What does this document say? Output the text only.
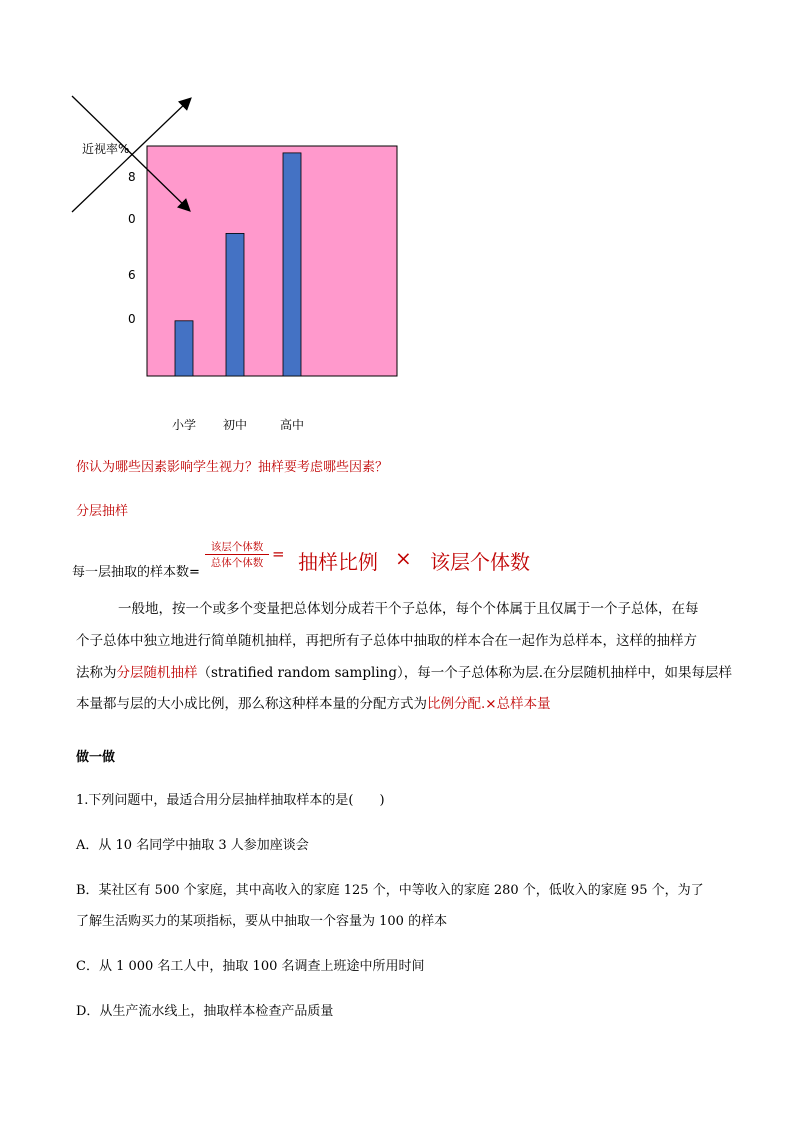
近视率%
8
0
6
0
小学 初中	高中
你认为哪些因素影响学生视力？抽样要考虑哪些因素？
分层抽样
每一层抽取的样本数=
该层个体数
总体个体数 = 抽样比例 × 该层个体数
一般地，按一个或多个变量把总体划分成若干个子总体，每个个体属于且仅属于一个子总体，在每
个子总体中独立地进行简单随机抽样，再把所有子总体中抽取的样本合在一起作为总样本，这样的抽样方
法称为分层随机抽样（stratified random sampling），每一个子总体称为层.在分层随机抽样中，如果每层样
本量都与层的大小成比例，那么称这种样本量的分配方式为比例分配.×总样本量
做一做
1.下列问题中，最适合用分层抽样抽取样本的是(　　)
A．从 10 名同学中抽取 3 人参加座谈会
B．某社区有 500 个家庭，其中高收入的家庭 125 个，中等收入的家庭 280 个，低收入的家庭 95 个，为了
了解生活购买力的某项指标，要从中抽取一个容量为 100 的样本
C．从 1 000 名工人中，抽取 100 名调查上班途中所用时间
D．从生产流水线上，抽取样本检查产品质量
